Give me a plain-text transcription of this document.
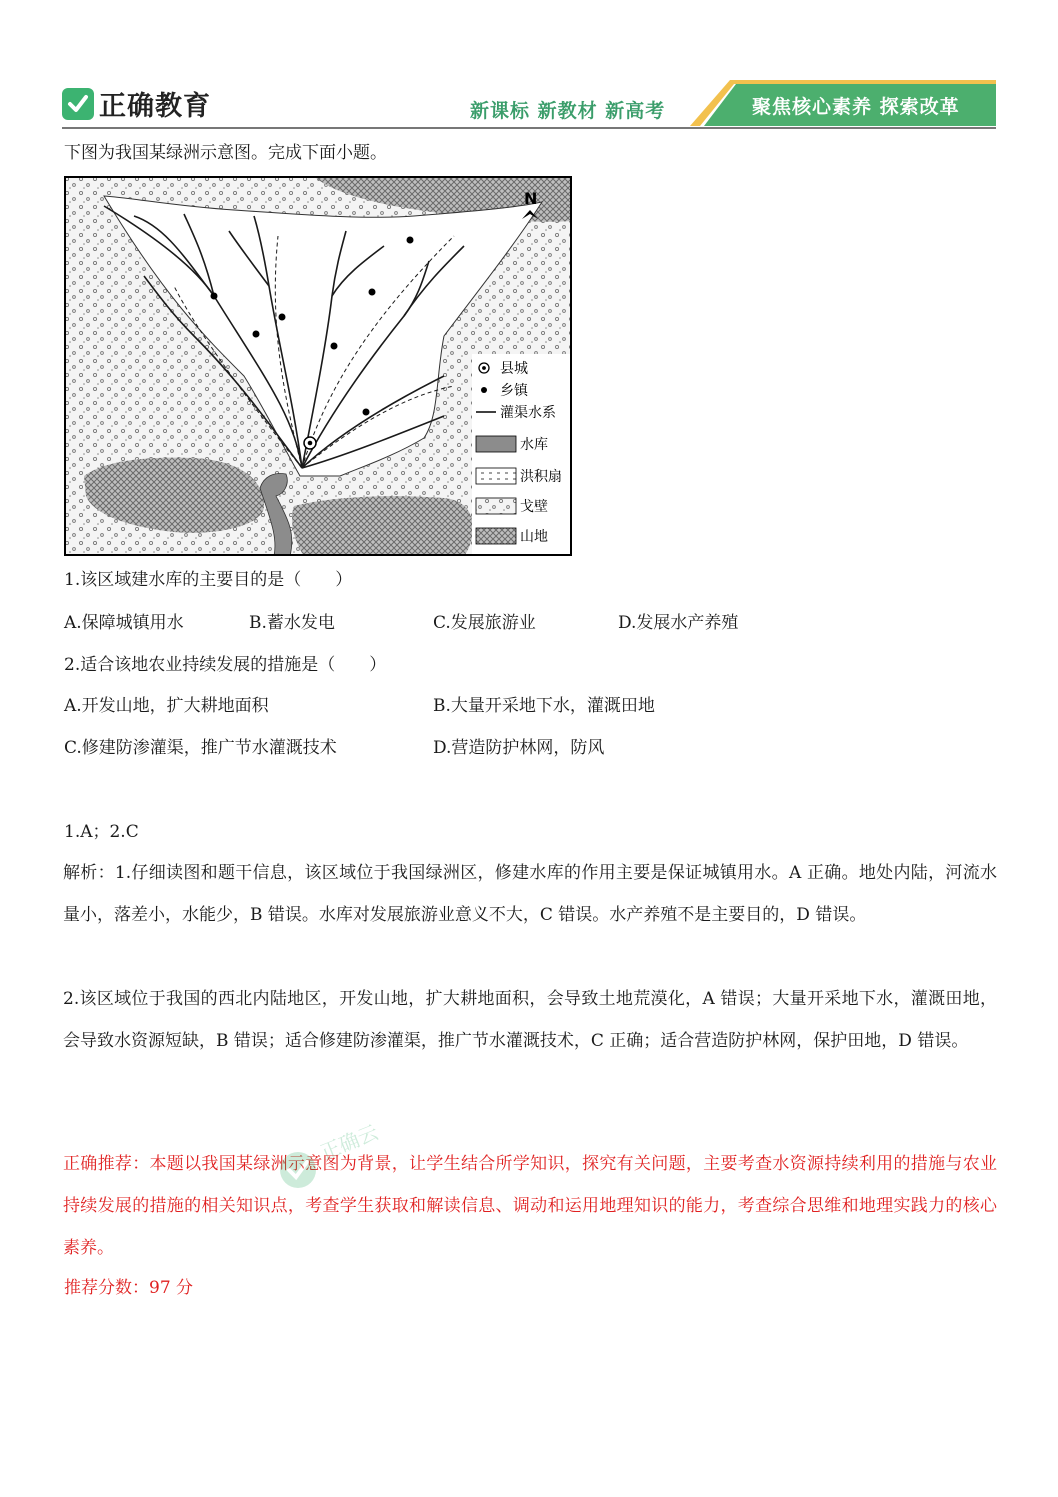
正确教育	新课标 新教材 新高考	聚焦核心素养 探索改革
下图为我国某绿洲示意图。完成下面小题。
N
县城
乡镇
灌渠水系
水库
洪积扇
戈壁
山地
1.该区域建水库的主要目的是（　　）
A.保障城镇用水	B.蓄水发电	C.发展旅游业	D.发展水产养殖
2.适合该地农业持续发展的措施是（　　）
A.开发山地，扩大耕地面积	B.大量开采地下水，灌溉田地
C.修建防渗灌渠，推广节水灌溉技术	D.营造防护林网，防风
1.A；2.C
解析：1.仔细读图和题干信息，该区域位于我国绿洲区，修建水库的作用主要是保证城镇用水。A 正确。地处内陆，河流水量小，落差小，水能少，B 错误。水库对发展旅游业意义不大，C 错误。水产养殖不是主要目的，D 错误。
2.该区域位于我国的西北内陆地区，开发山地，扩大耕地面积，会导致土地荒漠化，A 错误；大量开采地下水，灌溉田地，会导致水资源短缺，B 错误；适合修建防渗灌渠，推广节水灌溉技术，C 正确；适合营造防护林网，保护田地，D 错误。
正确推荐：本题以我国某绿洲示意图为背景，让学生结合所学知识，探究有关问题，主要考查水资源持续利用的措施与农业持续发展的措施的相关知识点，考查学生获取和解读信息、调动和运用地理知识的能力，考查综合思维和地理实践力的核心素养。
推荐分数：97 分
正确云
